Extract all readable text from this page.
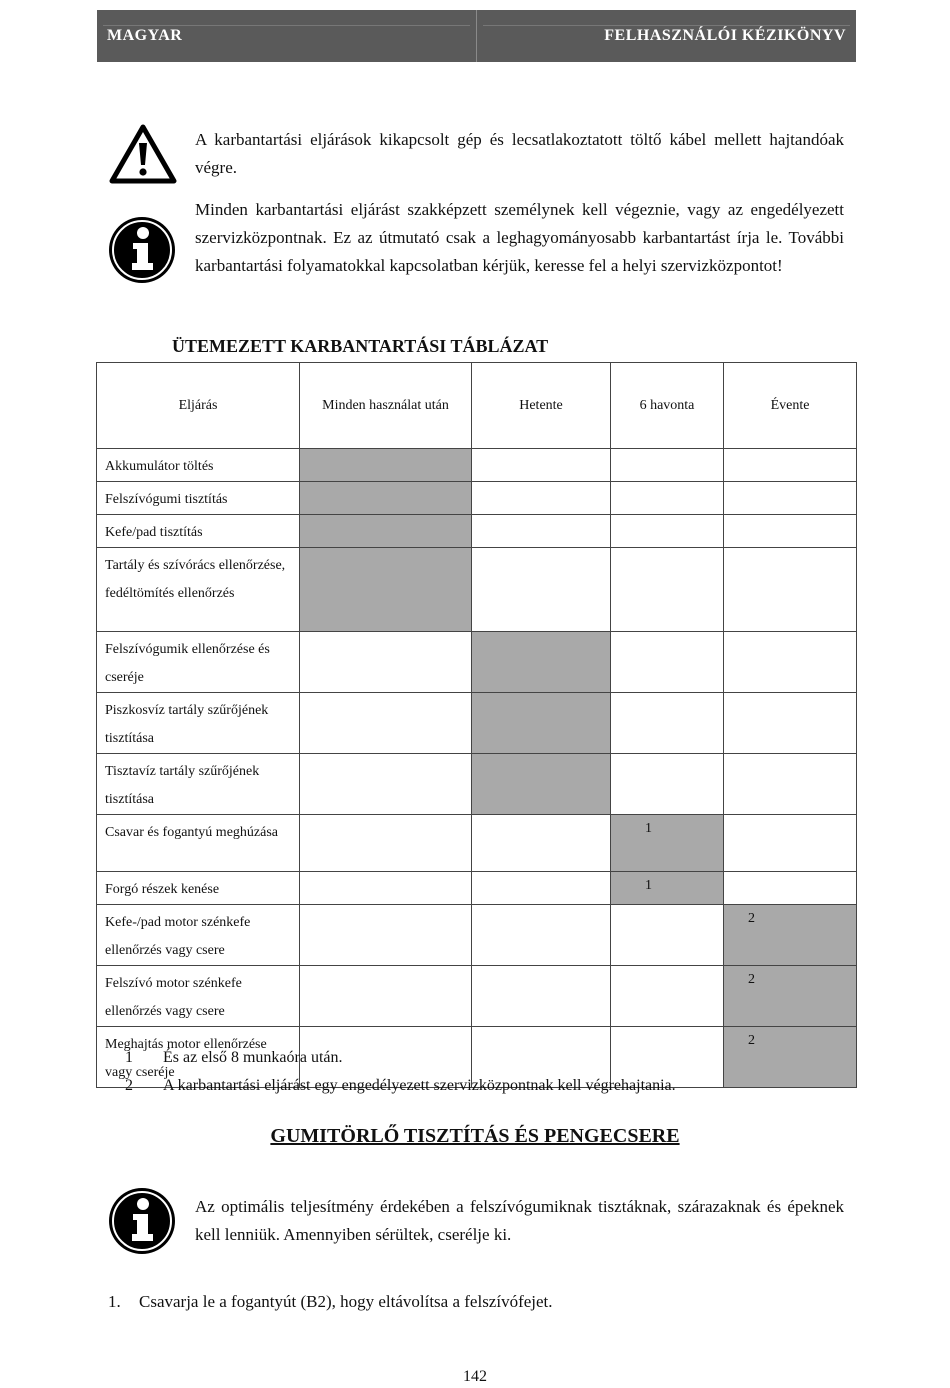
MAGYAR	FELHASZNÁLÓI KÉZIKÖNYV

A karbantartási eljárások kikapcsolt gép és lecsatlakoztatott töltő kábel mellett hajtandóak végre.

Minden karbantartási eljárást szakképzett személynek kell végeznie, vagy az engedélyezett szervizközpontnak. Ez az útmutató csak a leghagyományosabb karbantartást írja le. További karbantartási folyamatokkal kapcsolatban kérjük, keresse fel a helyi szervizközpontot!

ÜTEMEZETT KARBANTARTÁSI TÁBLÁZAT
Eljárás	Minden használat után	Hetente	6 havonta	Évente
Akkumulátor töltés				
Felszívógumi tisztítás				
Kefe/pad tisztítás				
Tartály és szívórács ellenőrzése, fedéltömítés ellenőrzés				
Felszívógumik ellenőrzése és cseréje				
Piszkosvíz tartály szűrőjének tisztítása				
Tisztavíz tartály szűrőjének tisztítása				
Csavar és fogantyú meghúzása			1	
Forgó részek kenése			1	
Kefe-/pad motor szénkefe ellenőrzés vagy csere				2
Felszívó motor szénkefe ellenőrzés vagy csere				2
Meghajtás motor ellenőrzése vagy cseréje				2
1	És az első 8 munkaóra után.
2	A karbantartási eljárást egy engedélyezett szervizközpontnak kell végrehajtania.
GUMITÖRLŐ TISZTÍTÁS ÉS PENGECSERE

Az optimális teljesítmény érdekében a felszívógumiknak tisztáknak, szárazaknak és épeknek kell lenniük. Amennyiben sérültek, cserélje ki.

1.	Csavarja le a fogantyút (B2), hogy eltávolítsa a felszívófejet.
142
